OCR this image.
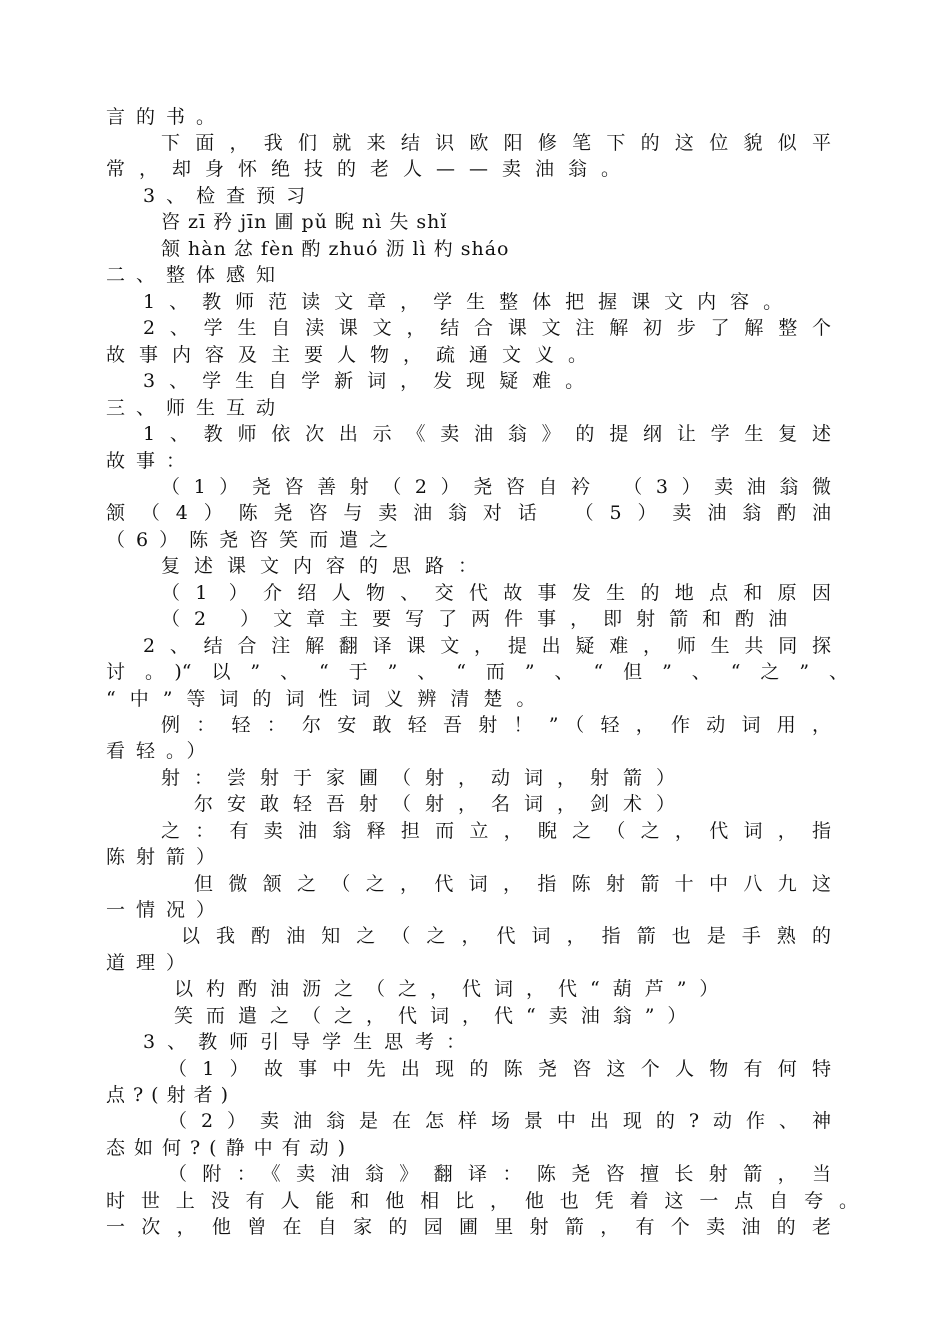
言的书。
下面，我们就来结识欧阳修笔下的这位貌似平
常，却身怀绝技的老人——卖油翁。
3、检查预习
咨 zī 矜 jīn 圃 pǔ 睨 nì 失 shǐ
颔 hàn 忿 fèn 酌 zhuó 沥 lì 杓 sháo
二、整体感知
1、教师范读文章，学生整体把握课文内容。
2、学生自渎课文，结合课文注解初步了解整个
故事内容及主要人物，疏通文义。
3、学生自学新词，发现疑难。
三、师生互动
1、教师依次出示《卖油翁》的提纲让学生复述
故事：
（1）尧咨善射（2）尧咨自衿 （3）卖油翁微
颔（4）陈尧咨与卖油翁对话 （5）卖油翁酌油
（6）陈尧咨笑而遣之
复述课文内容的思路：
（1 ）介绍人物、交代故事发生的地点和原因
（2 ）文章主要写了两件事，即射箭和酌油
2、结合注解翻译课文，提出疑难，师生共同探
讨。)“以”、“于”、“而”、“但”、“之”、
“中”等词的词性词义辨清楚。
例：轻：尔安敢轻吾射！”（轻，作动词用，
看轻。）
射：尝射于家圃（射，动词，射箭）
尔安敢轻吾射（射，名词，剑术）
之：有卖油翁释担而立，睨之（之，代词，指
陈射箭）
但微颔之（之，代词，指陈射箭十中八九这
一情况）
以我酌油知之（之，代词，指箭也是手熟的
道理）
以杓酌油沥之（之，代词，代“葫芦”）
笑而遣之（之，代词，代“卖油翁”）
3、教师引导学生思考：
（1）故事中先出现的陈尧咨这个人物有何特
点?(射者)
（2）卖油翁是在怎样场景中出现的?动作、神
态如何?(静中有动)
（附：《卖油翁》翻译：陈尧咨擅长射箭，当
时世上没有人能和他相比，他也凭着这一点自夸。
一次，他曾在自家的园圃里射箭，有个卖油的老
